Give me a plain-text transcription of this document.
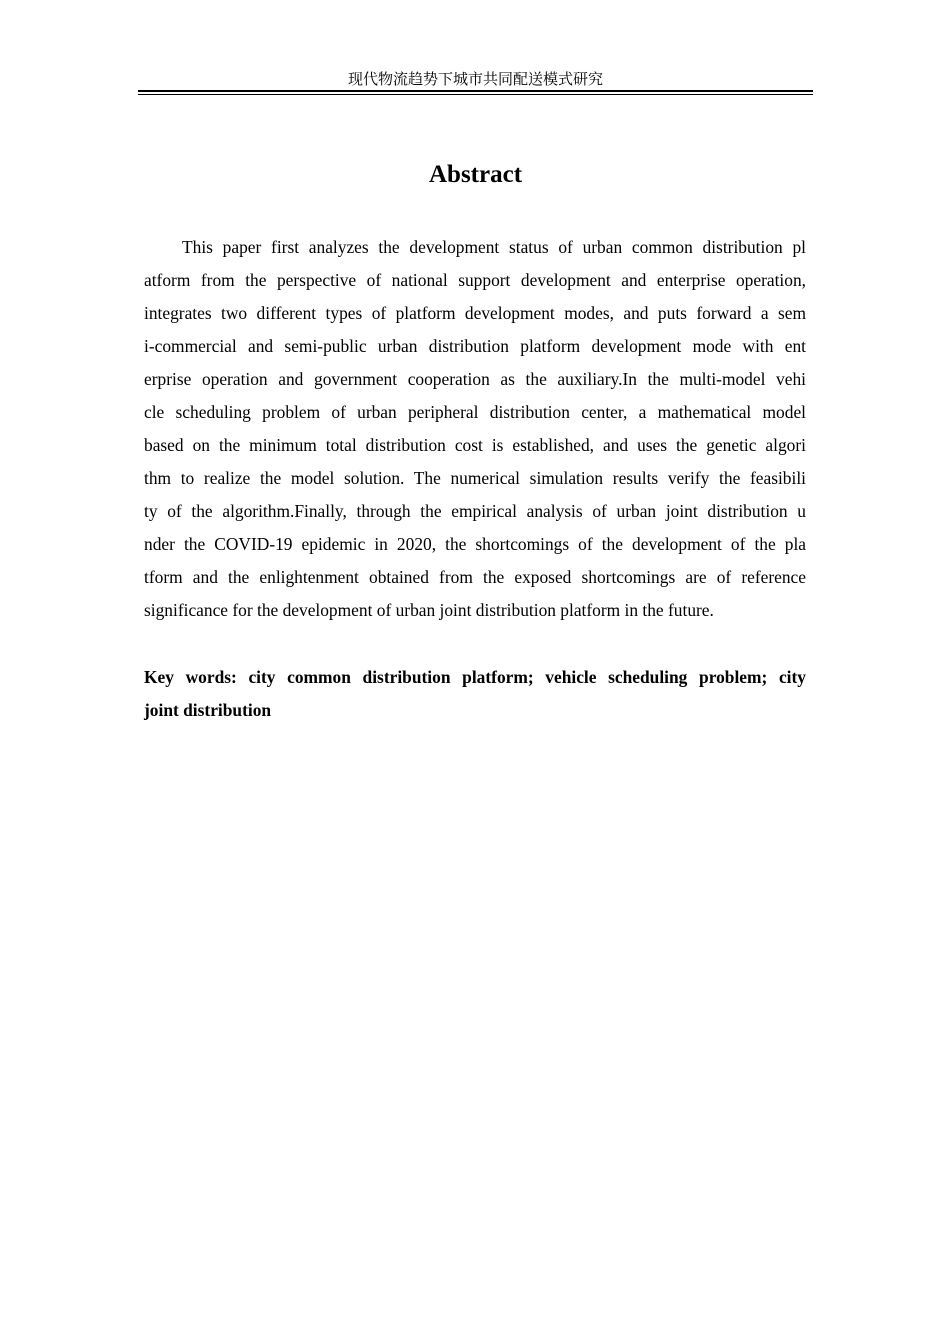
现代物流趋势下城市共同配送模式研究
Abstract
This paper first analyzes the development status of urban common distribution pl
atform from the perspective of national support development and enterprise operation,
integrates two different types of platform development modes, and puts forward a sem
i-commercial and semi-public urban distribution platform development mode with ent
erprise operation and government cooperation as the auxiliary.In the multi-model vehi
cle scheduling problem of urban peripheral distribution center, a mathematical model
based on the minimum total distribution cost is established, and uses the genetic algori
thm to realize the model solution. The numerical simulation results verify the feasibili
ty of the algorithm.Finally, through the empirical analysis of urban joint distribution u
nder the COVID-19 epidemic in 2020, the shortcomings of the development of the pla
tform and the enlightenment obtained from the exposed shortcomings are of reference
significance for the development of urban joint distribution platform in the future.
Key words: city common distribution platform; vehicle scheduling problem; city
joint distribution
